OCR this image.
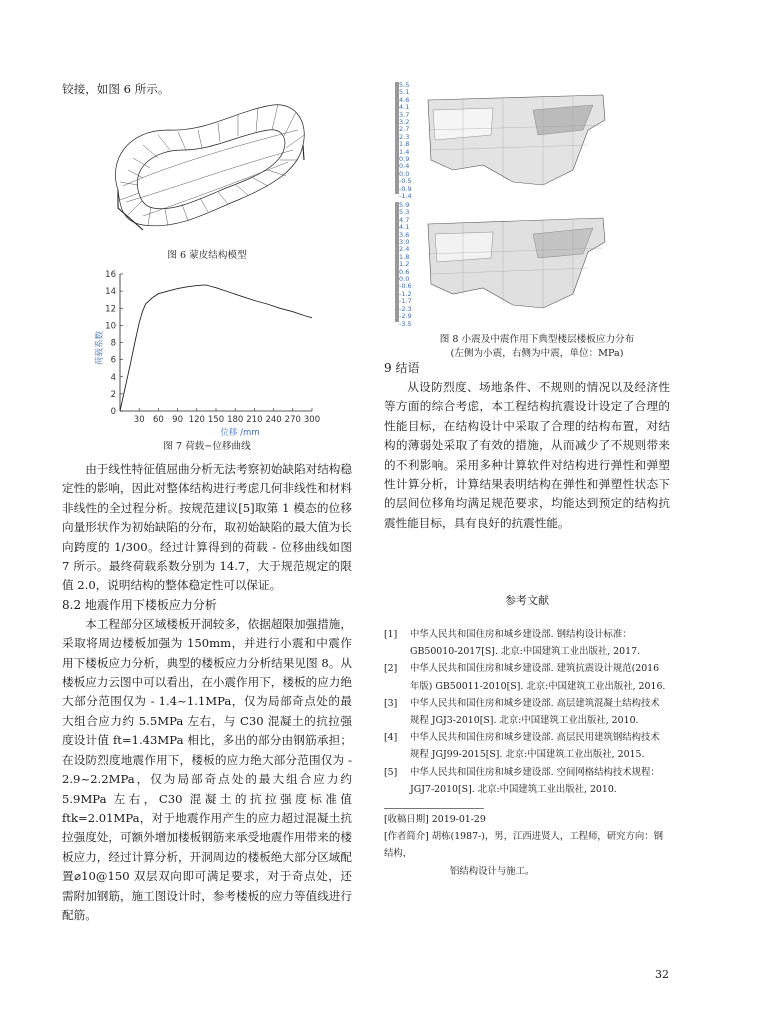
铰接，如图 6 所示。

图 6 蒙皮结构模型
荷载系数
0
2
4
6
8
10
12
14
16
30 60 90 120 150 180 210 240 270 300
位移 /mm
图 7 荷载−位移曲线

由于线性特征值屈曲分析无法考察初始缺陷对结构稳定性的影响，因此对整体结构进行考虑几何非线性和材料非线性的全过程分析。按规范建议[5]取第 1 模态的位移向量形状作为初始缺陷的分布，取初始缺陷的最大值为长向跨度的 1/300。经过计算得到的荷载 - 位移曲线如图 7 所示。最终荷载系数分别为 14.7，大于规范规定的限值 2.0，说明结构的整体稳定性可以保证。

8.2 地震作用下楼板应力分析

本工程部分区域楼板开洞较多，依据超限加强措施，采取将周边楼板加强为 150mm，并进行小震和中震作用下楼板应力分析，典型的楼板应力分析结果见图 8。从楼板应力云图中可以看出，在小震作用下，楼板的应力绝大部分范围仅为 - 1.4~1.1MPa，仅为局部奇点处的最大组合应力约 5.5MPa 左右，与 C30 混凝土的抗拉强度设计值 ft=1.43MPa 相比，多出的部分由钢筋承担；在设防烈度地震作用下，楼板的应力绝大部分范围仅为 - 2.9~2.2MPa，仅为局部奇点处的最大组合应力约 5.9MPa 左右，C30 混凝土的抗拉强度标准值 ftk=2.01MPa，对于地震作用产生的应力超过混凝土抗拉强度处，可额外增加楼板钢筋来承受地震作用带来的楼板应力，经过计算分析，开洞周边的楼板绝大部分区域配置⌀10@150 双层双向即可满足要求，对于奇点处，还需附加钢筋，施工图设计时，参考楼板的应力等值线进行配筋。

5.5 5.1 4.6 4.1 3.7 3.2 2.7 2.3 1.8 1.4 0.9 0.4 0.0 -0.5 -0.9 -1.4
5.9 5.3 4.7 4.1 3.6 3.0 2.4 1.8 1.2 0.6 0.0 -0.6 -1.2 -1.7 -2.3 -2.9 -3.5
图 8 小震及中震作用下典型楼层楼板应力分布
(左侧为小震，右侧为中震，单位：MPa)

9 结语

从设防烈度、场地条件、不规则的情况以及经济性等方面的综合考虑，本工程结构抗震设计设定了合理的性能目标，在结构设计中采取了合理的结构布置，对结构的薄弱处采取了有效的措施，从而减少了不规则带来的不利影响。采用多种计算软件对结构进行弹性和弹塑性计算分析，计算结果表明结构在弹性和弹塑性状态下的层间位移角均满足规范要求，均能达到预定的结构抗震性能目标，具有良好的抗震性能。

参考文献
[1]	中华人民共和国住房和城乡建设部. 钢结构设计标准：
GB50010-2017[S]. 北京:中国建筑工业出版社, 2017.
[2]	中华人民共和国住房和城乡建设部. 建筑抗震设计规范(2016
年版) GB50011-2010[S]. 北京:中国建筑工业出版社, 2016.
[3]	中华人民共和国住房和城乡建设部. 高层建筑混凝土结构技术
规程 JGJ3-2010[S]. 北京:中国建筑工业出版社, 2010.
[4]	中华人民共和国住房和城乡建设部. 高层民用建筑钢结构技术
规程 JGJ99-2015[S]. 北京:中国建筑工业出版社, 2015.
[5]	中华人民共和国住房和城乡建设部. 空间网格结构技术规程：
JGJ7-2010[S]. 北京:中国建筑工业出版社, 2010.
[收稿日期] 2019-01-29
[作者简介] 胡栋(1987-)，男，江西进贤人，工程师，研究方向：钢结构，
铝结构设计与施工。
32
